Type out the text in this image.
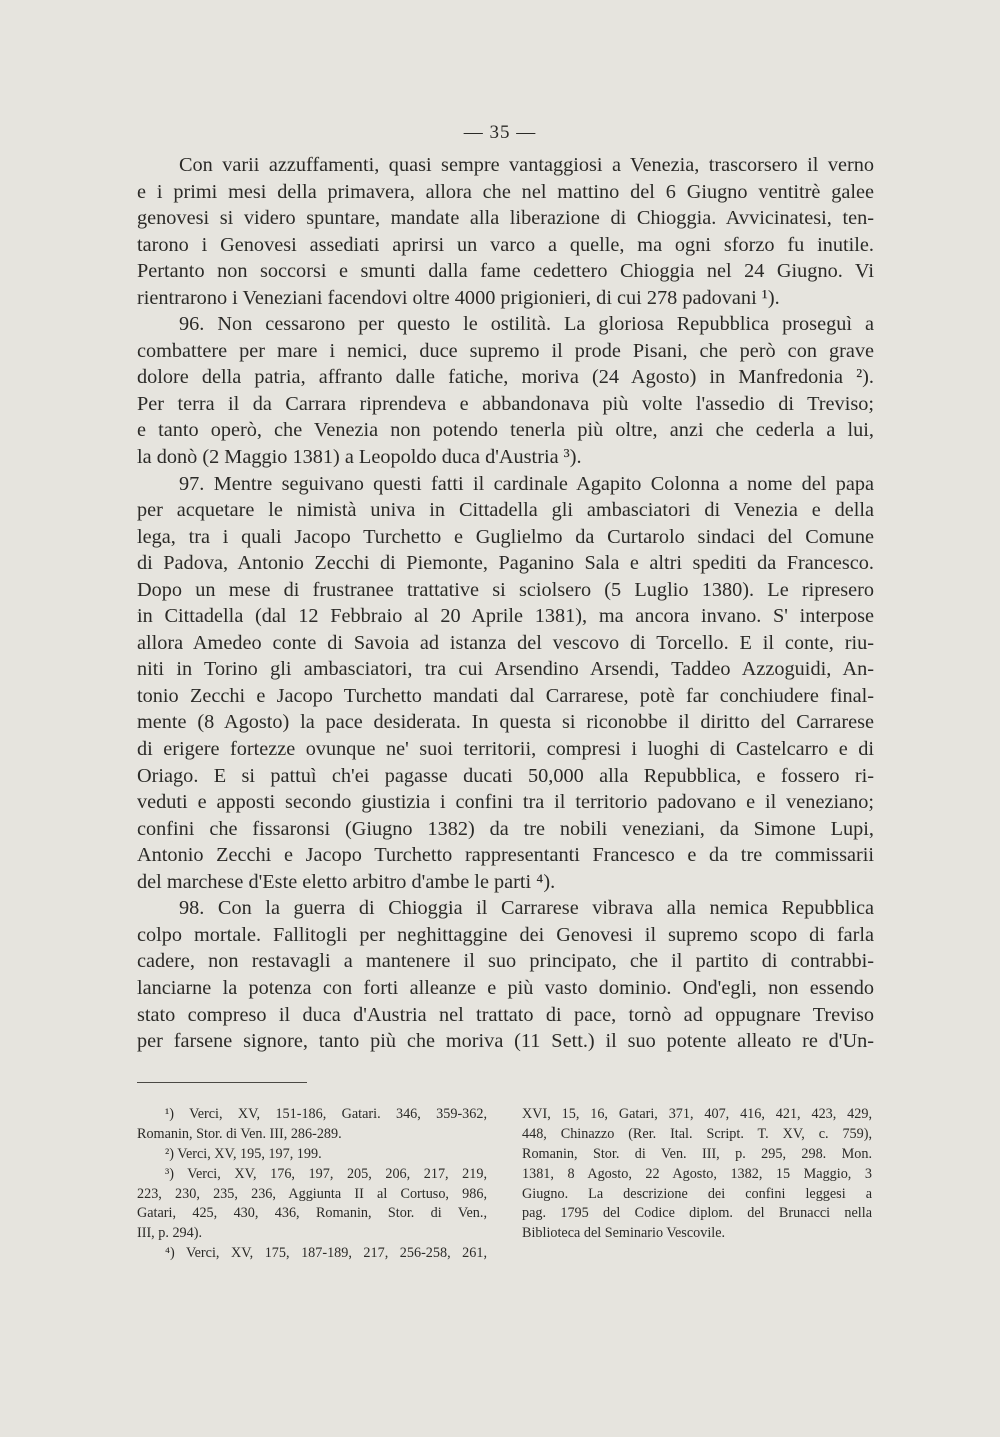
— 35 —
Con varii azzuffamenti, quasi sempre vantaggiosi a Venezia, trascorsero il verno
e i primi mesi della primavera, allora che nel mattino del 6 Giugno ventitrè galee
genovesi si videro spuntare, mandate alla liberazione di Chioggia. Avvicinatesi, ten-
tarono i Genovesi assediati aprirsi un varco a quelle, ma ogni sforzo fu inutile.
Pertanto non soccorsi e smunti dalla fame cedettero Chioggia nel 24 Giugno. Vi
rientrarono i Veneziani facendovi oltre 4000 prigionieri, di cui 278 padovani ¹).
96. Non cessarono per questo le ostilità. La gloriosa Repubblica proseguì a
combattere per mare i nemici, duce supremo il prode Pisani, che però con grave
dolore della patria, affranto dalle fatiche, moriva (24 Agosto) in Manfredonia ²).
Per terra il da Carrara riprendeva e abbandonava più volte l'assedio di Treviso;
e tanto operò, che Venezia non potendo tenerla più oltre, anzi che cederla a lui,
la donò (2 Maggio 1381) a Leopoldo duca d'Austria ³).
97. Mentre seguivano questi fatti il cardinale Agapito Colonna a nome del papa
per acquetare le nimistà univa in Cittadella gli ambasciatori di Venezia e della
lega, tra i quali Jacopo Turchetto e Guglielmo da Curtarolo sindaci del Comune
di Padova, Antonio Zecchi di Piemonte, Paganino Sala e altri spediti da Francesco.
Dopo un mese di frustranee trattative si sciolsero (5 Luglio 1380). Le ripresero
in Cittadella (dal 12 Febbraio al 20 Aprile 1381), ma ancora invano. S' interpose
allora Amedeo conte di Savoia ad istanza del vescovo di Torcello. E il conte, riu-
niti in Torino gli ambasciatori, tra cui Arsendino Arsendi, Taddeo Azzoguidi, An-
tonio Zecchi e Jacopo Turchetto mandati dal Carrarese, potè far conchiudere final-
mente (8 Agosto) la pace desiderata. In questa si riconobbe il diritto del Carrarese
di erigere fortezze ovunque ne' suoi territorii, compresi i luoghi di Castelcarro e di
Oriago. E si pattuì ch'ei pagasse ducati 50,000 alla Repubblica, e fossero ri-
veduti e apposti secondo giustizia i confini tra il territorio padovano e il veneziano;
confini che fissaronsi (Giugno 1382) da tre nobili veneziani, da Simone Lupi,
Antonio Zecchi e Jacopo Turchetto rappresentanti Francesco e da tre commissarii
del marchese d'Este eletto arbitro d'ambe le parti ⁴).
98. Con la guerra di Chioggia il Carrarese vibrava alla nemica Repubblica
colpo mortale. Fallitogli per neghittaggine dei Genovesi il supremo scopo di farla
cadere, non restavagli a mantenere il suo principato, che il partito di contrabbi-
lanciarne la potenza con forti alleanze e più vasto dominio. Ond'egli, non essendo
stato compreso il duca d'Austria nel trattato di pace, tornò ad oppugnare Treviso
per farsene signore, tanto più che moriva (11 Sett.) il suo potente alleato re d'Un-
¹) Verci, XV, 151-186, Gatari. 346, 359-362,
Romanin, Stor. di Ven. III, 286-289.
²) Verci, XV, 195, 197, 199.
³) Verci, XV, 176, 197, 205, 206, 217, 219,
223, 230, 235, 236, Aggiunta II al Cortuso, 986,
Gatari, 425, 430, 436, Romanin, Stor. di Ven.,
III, p. 294).
⁴) Verci, XV, 175, 187-189, 217, 256-258, 261,
XVI, 15, 16, Gatari, 371, 407, 416, 421, 423, 429,
448, Chinazzo (Rer. Ital. Script. T. XV, c. 759),
Romanin, Stor. di Ven. III, p. 295, 298. Mon.
1381, 8 Agosto, 22 Agosto, 1382, 15 Maggio, 3
Giugno. La descrizione dei confini leggesi a
pag. 1795 del Codice diplom. del Brunacci nella
Biblioteca del Seminario Vescovile.
